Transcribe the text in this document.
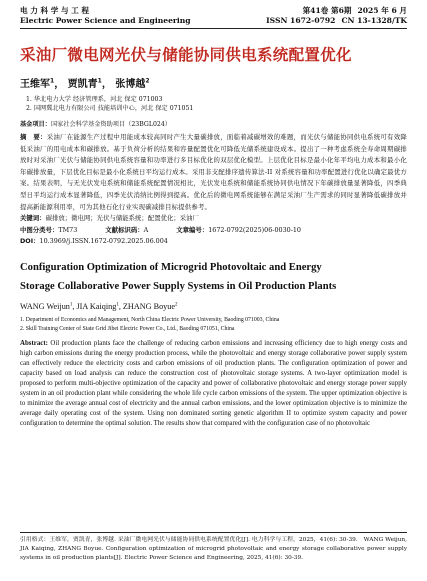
电 力 科 学 与 工 程
Electric Power Science and Engineering
第41卷 第6期 2025 年 6 月
ISSN 1672-0792 CN 13-1328/TK
采油厂微电网光伏与储能协同供电系统配置优化
王维军$^1$， 贾凯青$^1$， 张博越$^2$
1. 华北电力大学 经济管理系，河北 保定 071003
2. 国网冀北电力有限公司 技能培训中心，河北 保定 071051
基金项目：国家社会科学基金资助项目（23BGL024）
摘　要：采油厂在能源生产过程中用能成本较高同时产生大量碳排放，面临着减碳增效的难题，而光伏与储能协同供电系统可有效降低采油厂的用电成本和碳排放。基于负荷分析的结果和容量配置优化可降低光储系统建设成本。提出了一种考虑系统全寿命周期碳排放时对采油厂光伏与储能协同供电系统容量和功率进行多目标优化的双层优化模型。上层优化目标是最小化年平均电力成本和最小化年碳排放量，下层优化目标是最小化系统日平均运行成本。采用非支配排序遗传算法-II 对系统容量和功率配置进行优化以确定最优方案。结果表明，与无光伏发电系统和储能系统配置情况相比，光伏发电系统和储能系统协同供电情况下年碳排放量显著降低，四季典型日平均运行成本显著降低，四季光伏消纳比例得到提高。优化后的微电网系统能够在满足采油厂生产需求的同时显著降低碳排放并提高新能源利用率，可为其他石化行业实现碳减排目标提供参考。
关键词：碳排放；微电网；光伏与储能系统；配置优化；采油厂
中图分类号：TM73	文献标识码：A	文章编号：1672-0792(2025)06-0030-10
DOI：10.3969/j.ISSN.1672-0792.2025.06.004
Configuration Optimization of Microgrid Photovoltaic and Energy
Storage Collaborative Power Supply Systems in Oil Production Plants
WANG Weijun$^1$, JIA Kaiqing$^1$, ZHANG Boyue$^2$
1. Department of Economics and Management, North China Electric Power University, Baoding 071003, China
2. Skill Training Center of State Grid Jibei Electric Power Co., Ltd., Baoding 071051, China
Abstract: Oil production plants face the challenge of reducing carbon emissions and increasing efficiency due to high energy costs and high carbon emissions during the energy production process, while the photovoltaic and energy storage collaborative power supply system can effectively reduce the electricity costs and carbon emissions of oil production plants. The configuration optimization of power and capacity based on load analysis can reduce the construction cost of photovoltaic storage systems. A two-layer optimization model is proposed to perform multi-objective optimization of the capacity and power of collaborative photovoltaic and energy storage power supply system in an oil production plant while considering the whole life cycle carbon emissions of the system. The upper optimization objective is to minimize the average annual cost of electricity and the annual carbon emissions, and the lower optimization objective is to minimize the average daily operating cost of the system. Using non dominated sorting genetic algorithm II to optimize system capacity and power configuration to determine the optimal solution. The results show that compared with the configuration case of no photovoltaic
引用格式：王维军，贾凯青，张博越. 采油厂微电网光伏与储能协同供电系统配置优化[J]. 电力科学与工程，2025，41(6): 30-39.　WANG Weijun, JIA Kaiqing, ZHANG Boyue. Configuration optimization of microgrid photovoltaic and energy storage collaborative power supply systems in oil production plants[J]. Electric Power Science and Engineering, 2025, 41(6): 30-39.
